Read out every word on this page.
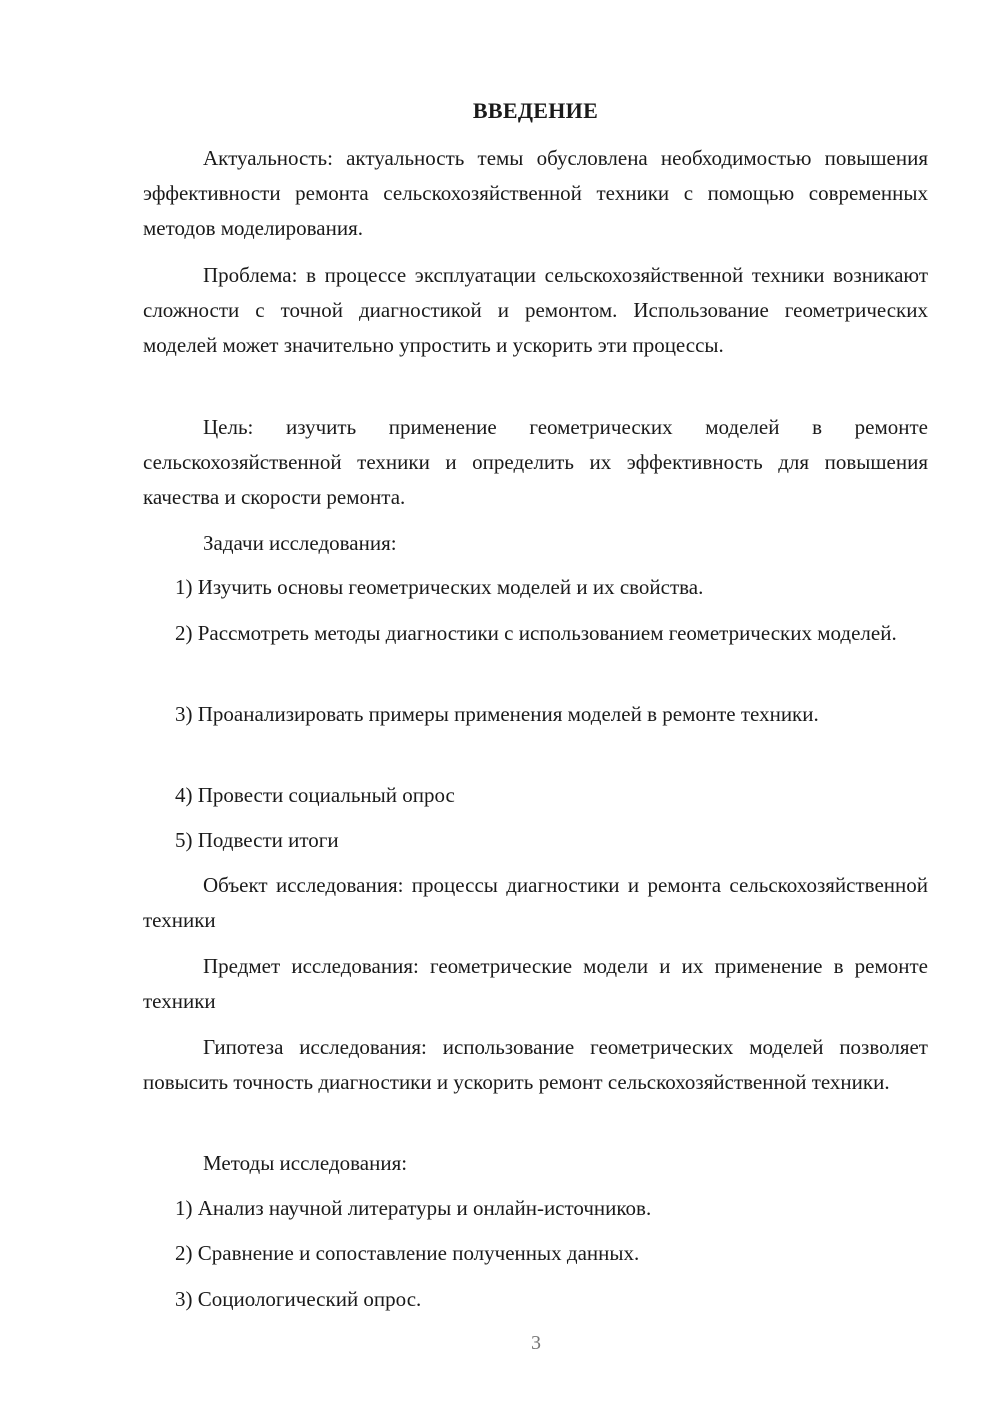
ВВЕДЕНИЕ

Актуальность: актуальность темы обусловлена необходимостью повышения эффективности ремонта сельскохозяйственной техники с помощью современных методов моделирования.

Проблема: в процессе эксплуатации сельскохозяйственной техники возникают сложности с точной диагностикой и ремонтом. Использование геометрических моделей может значительно упростить и ускорить эти процессы.

Цель: изучить применение геометрических моделей в ремонте сельскохозяйственной техники и определить их эффективность для повышения качества и скорости ремонта.

Задачи исследования:

1) Изучить основы геометрических моделей и их свойства.

2) Рассмотреть методы диагностики с использованием геометрических моделей.

3) Проанализировать примеры применения моделей в ремонте техники.

4) Провести социальный опрос

5) Подвести итоги

Объект исследования: процессы диагностики и ремонта сельскохозяйственной техники

Предмет исследования: геометрические модели и их применение в ремонте техники

Гипотеза исследования: использование геометрических моделей позволяет повысить точность диагностики и ускорить ремонт сельскохозяйственной техники.

Методы исследования:

1) Анализ научной литературы и онлайн-источников.

2) Сравнение и сопоставление полученных данных.

3) Социологический опрос.

3
